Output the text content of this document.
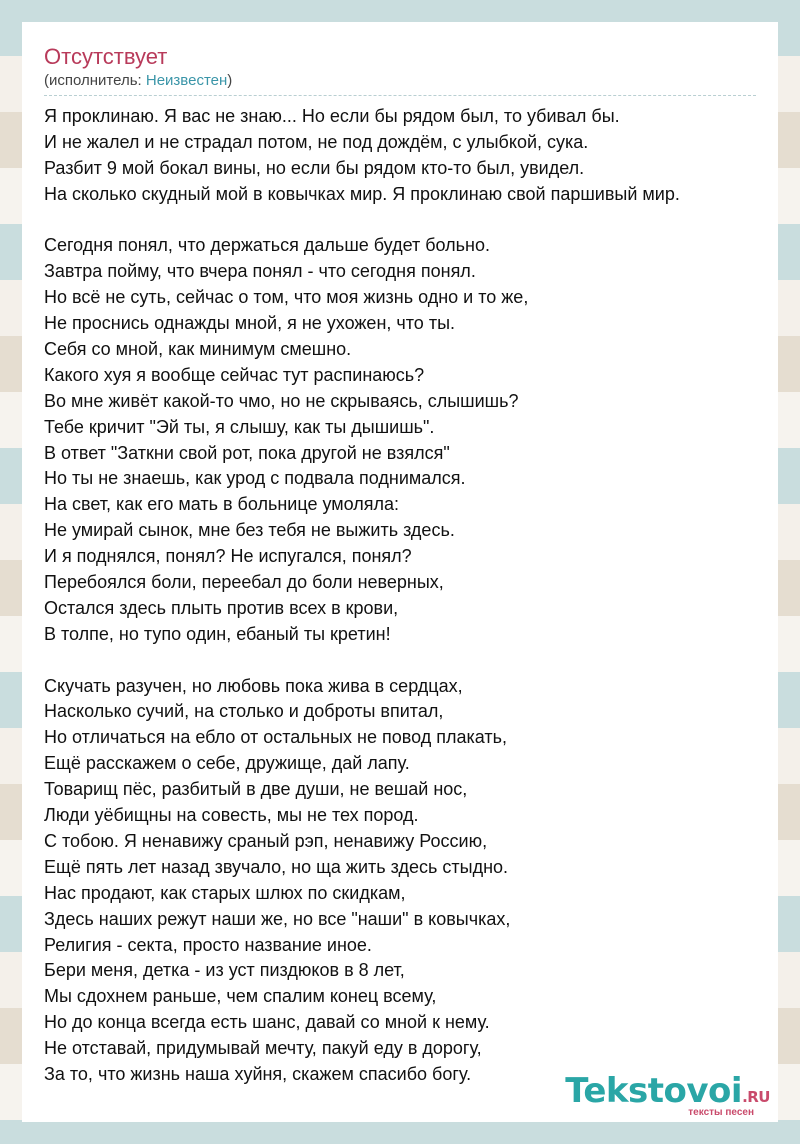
Отсутствует
(исполнитель: Неизвестен)
Я проклинаю. Я вас не знаю... Но если бы рядом был, то убивал бы.
И не жалел и не страдал потом, не под дождём, с улыбкой, сука.
Разбит 9 мой бокал вины, но если бы рядом кто-то был, увидел.
На сколько скудный мой в ковычках мир. Я проклинаю свой паршивый мир.
Сегодня понял, что держаться дальше будет больно.
Завтра пойму, что вчера понял - что сегодня понял.
Но всё не суть, сейчас о том, что моя жизнь одно и то же,
Не проснись однажды мной, я не ухожен, что ты.
Себя со мной, как минимум смешно.
Какого хуя я вообще сейчас тут распинаюсь?
Во мне живёт какой-то чмо, но не скрываясь, слышишь?
Тебе кричит "Эй ты, я слышу, как ты дышишь".
В ответ "Заткни свой рот, пока другой не взялся"
Но ты не знаешь, как урод с подвала поднимался.
На свет, как его мать в больнице умоляла:
Не умирай сынок, мне без тебя не выжить здесь.
И я поднялся, понял? Не испугался, понял?
Перебоялся боли, переебал до боли неверных,
Остался здесь плыть против всех в крови,
В толпе, но тупо один, ебаный ты кретин!
Скучать разучен, но любовь пока жива в сердцах,
Насколько сучий, на столько и доброты впитал,
Но отличаться на ебло от остальных не повод плакать,
Ещё расскажем о себе, дружище, дай лапу.
Товарищ пёс, разбитый в две души, не вешай нос,
Люди уёбищны на совесть, мы не тех пород.
С тобою. Я ненавижу сраный рэп, ненавижу Россию,
Ещё пять лет назад звучало, но ща жить здесь стыдно.
Нас продают, как старых шлюх по скидкам,
Здесь наших режут наши же, но все "наши" в ковычках,
Религия - секта, просто название иное.
Бери меня, детка - из уст пиздюков в 8 лет,
Мы сдохнем раньше, чем спалим конец всему,
Но до конца всегда есть шанс, давай со мной к нему.
Не отставай, придумывай мечту, пакуй еду в дорогу,
За то, что жизнь наша хуйня, скажем спасибо богу.	Tekstovoi.RU
тексты песен
